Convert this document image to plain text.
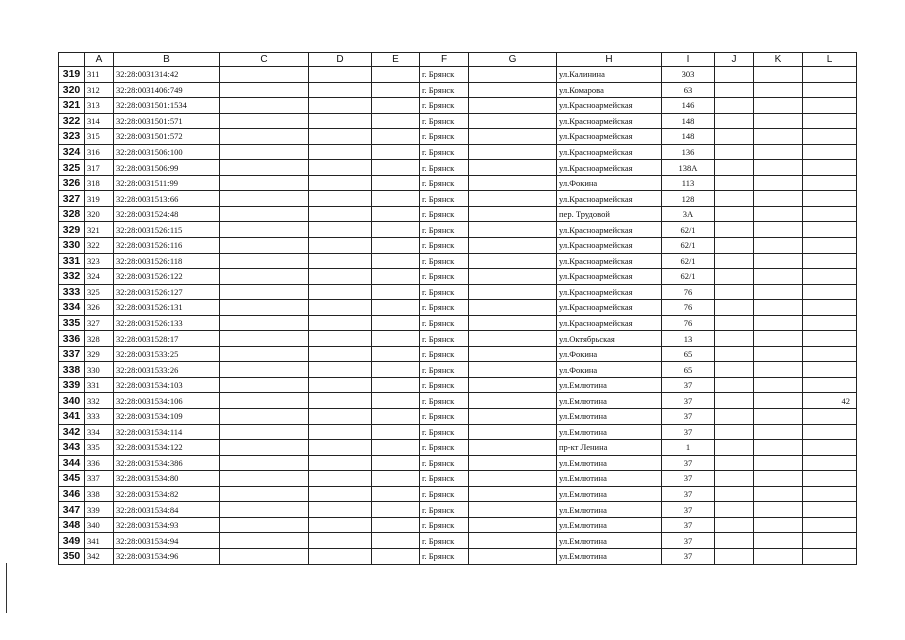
	A	B	C	D	E	F	G	H	I	J	K	L
319	311	32:28:0031314:42				г. Брянск		ул.Калинина	303			
320	312	32:28:0031406:749				г. Брянск		ул.Комарова	63			
321	313	32:28:0031501:1534				г. Брянск		ул.Красноармейская	146			
322	314	32:28:0031501:571				г. Брянск		ул.Красноармейская	148			
323	315	32:28:0031501:572				г. Брянск		ул.Красноармейская	148			
324	316	32:28:0031506:100				г. Брянск		ул.Красноармейская	136			
325	317	32:28:0031506:99				г. Брянск		ул.Красноармейская	138А			
326	318	32:28:0031511:99				г. Брянск		ул.Фокина	113			
327	319	32:28:0031513:66				г. Брянск		ул.Красноармейская	128			
328	320	32:28:0031524:48				г. Брянск		пер. Трудовой	3А			
329	321	32:28:0031526:115				г. Брянск		ул.Красноармейская	62/1			
330	322	32:28:0031526:116				г. Брянск		ул.Красноармейская	62/1			
331	323	32:28:0031526:118				г. Брянск		ул.Красноармейская	62/1			
332	324	32:28:0031526:122				г. Брянск		ул.Красноармейская	62/1			
333	325	32:28:0031526:127				г. Брянск		ул.Красноармейская	76			
334	326	32:28:0031526:131				г. Брянск		ул.Красноармейская	76			
335	327	32:28:0031526:133				г. Брянск		ул.Красноармейская	76			
336	328	32:28:0031528:17				г. Брянск		ул.Октябрьская	13			
337	329	32:28:0031533:25				г. Брянск		ул.Фокина	65			
338	330	32:28:0031533:26				г. Брянск		ул.Фокина	65			
339	331	32:28:0031534:103				г. Брянск		ул.Емлютина	37			
340	332	32:28:0031534:106				г. Брянск		ул.Емлютина	37			42
341	333	32:28:0031534:109				г. Брянск		ул.Емлютина	37			
342	334	32:28:0031534:114				г. Брянск		ул.Емлютина	37			
343	335	32:28:0031534:122				г. Брянск		пр-кт Ленина	1			
344	336	32:28:0031534:386				г. Брянск		ул.Емлютина	37			
345	337	32:28:0031534:80				г. Брянск		ул.Емлютина	37			
346	338	32:28:0031534:82				г. Брянск		ул.Емлютина	37			
347	339	32:28:0031534:84				г. Брянск		ул.Емлютина	37			
348	340	32:28:0031534:93				г. Брянск		ул.Емлютина	37			
349	341	32:28:0031534:94				г. Брянск		ул.Емлютина	37			
350	342	32:28:0031534:96				г. Брянск		ул.Емлютина	37			
